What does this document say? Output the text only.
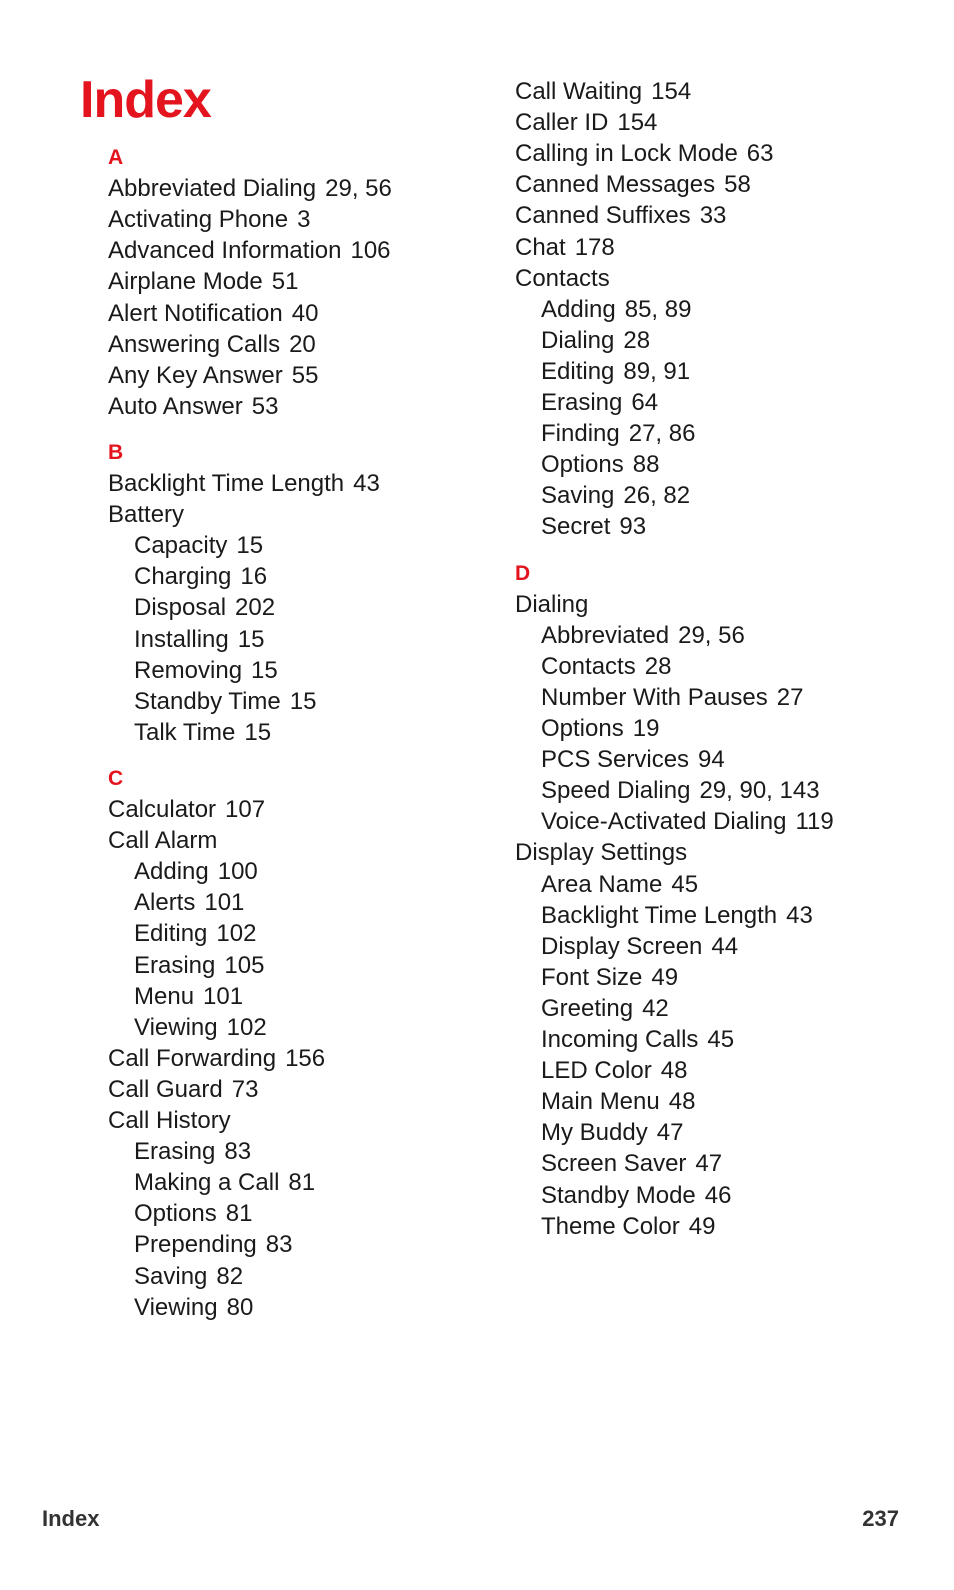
Index
A
Abbreviated Dialing 29, 56
Activating Phone 3
Advanced Information 106
Airplane Mode 51
Alert Notification 40
Answering Calls 20
Any Key Answer 55
Auto Answer 53
B
Backlight Time Length 43
Battery
Capacity 15
Charging 16
Disposal 202
Installing 15
Removing 15
Standby Time 15
Talk Time 15
C
Calculator 107
Call Alarm
Adding 100
Alerts 101
Editing 102
Erasing 105
Menu 101
Viewing 102
Call Forwarding 156
Call Guard 73
Call History
Erasing 83
Making a Call 81
Options 81
Prepending 83
Saving 82
Viewing 80
Call Waiting 154
Caller ID 154
Calling in Lock Mode 63
Canned Messages 58
Canned Suffixes 33
Chat 178
Contacts
Adding 85, 89
Dialing 28
Editing 89, 91
Erasing 64
Finding 27, 86
Options 88
Saving 26, 82
Secret 93
D
Dialing
Abbreviated 29, 56
Contacts 28
Number With Pauses 27
Options 19
PCS Services 94
Speed Dialing 29, 90, 143
Voice-Activated Dialing 119
Display Settings
Area Name 45
Backlight Time Length 43
Display Screen 44
Font Size 49
Greeting 42
Incoming Calls 45
LED Color 48
Main Menu 48
My Buddy 47
Screen Saver 47
Standby Mode 46
Theme Color 49
Index	237
